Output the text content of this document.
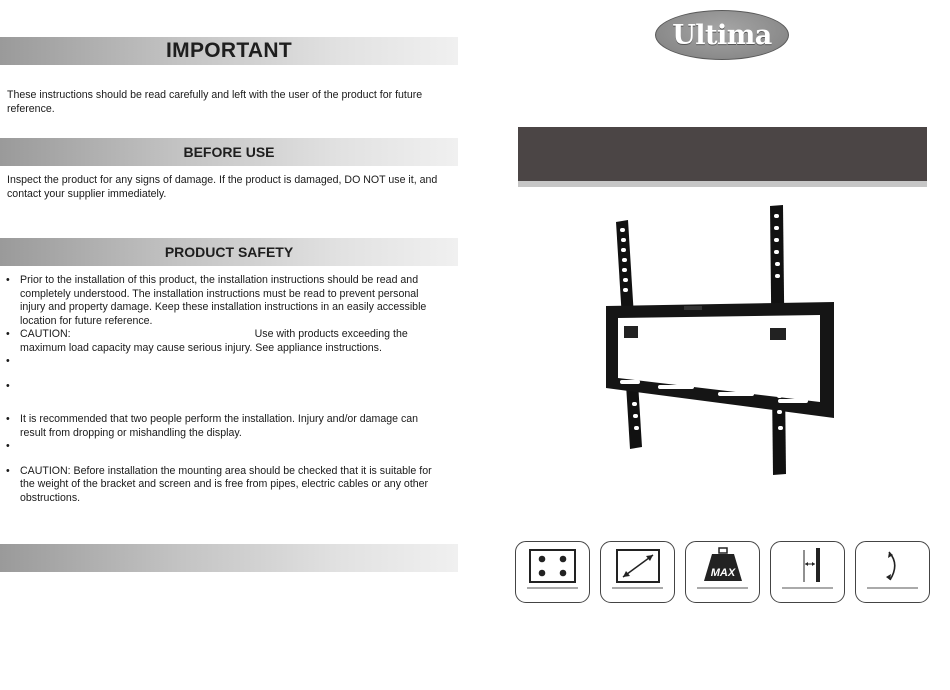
IMPORTANT

These instructions should be read carefully and left with the user of the product for future reference.

BEFORE USE

Inspect the product for any signs of damage. If the product is damaged, DO NOT use it, and contact your supplier immediately.

PRODUCT SAFETY
• Prior to the installation of this product, the installation instructions should be read and completely understood. The installation instructions must be read to prevent personal injury and property damage. Keep these installation instructions in an easily accessible location for future reference.
• CAUTION:	Use with products exceeding the maximum load capacity may cause serious injury. See appliance instructions.
•
•
• It is recommended that two people perform the installation. Injury and/or damage can result from dropping or mishandling the display.
•
• CAUTION: Before installation the mounting area should be checked that it is suitable for the weight of the bracket and screen and is free from pipes, electric cables or any other obstructions.
Ultima
MAX
